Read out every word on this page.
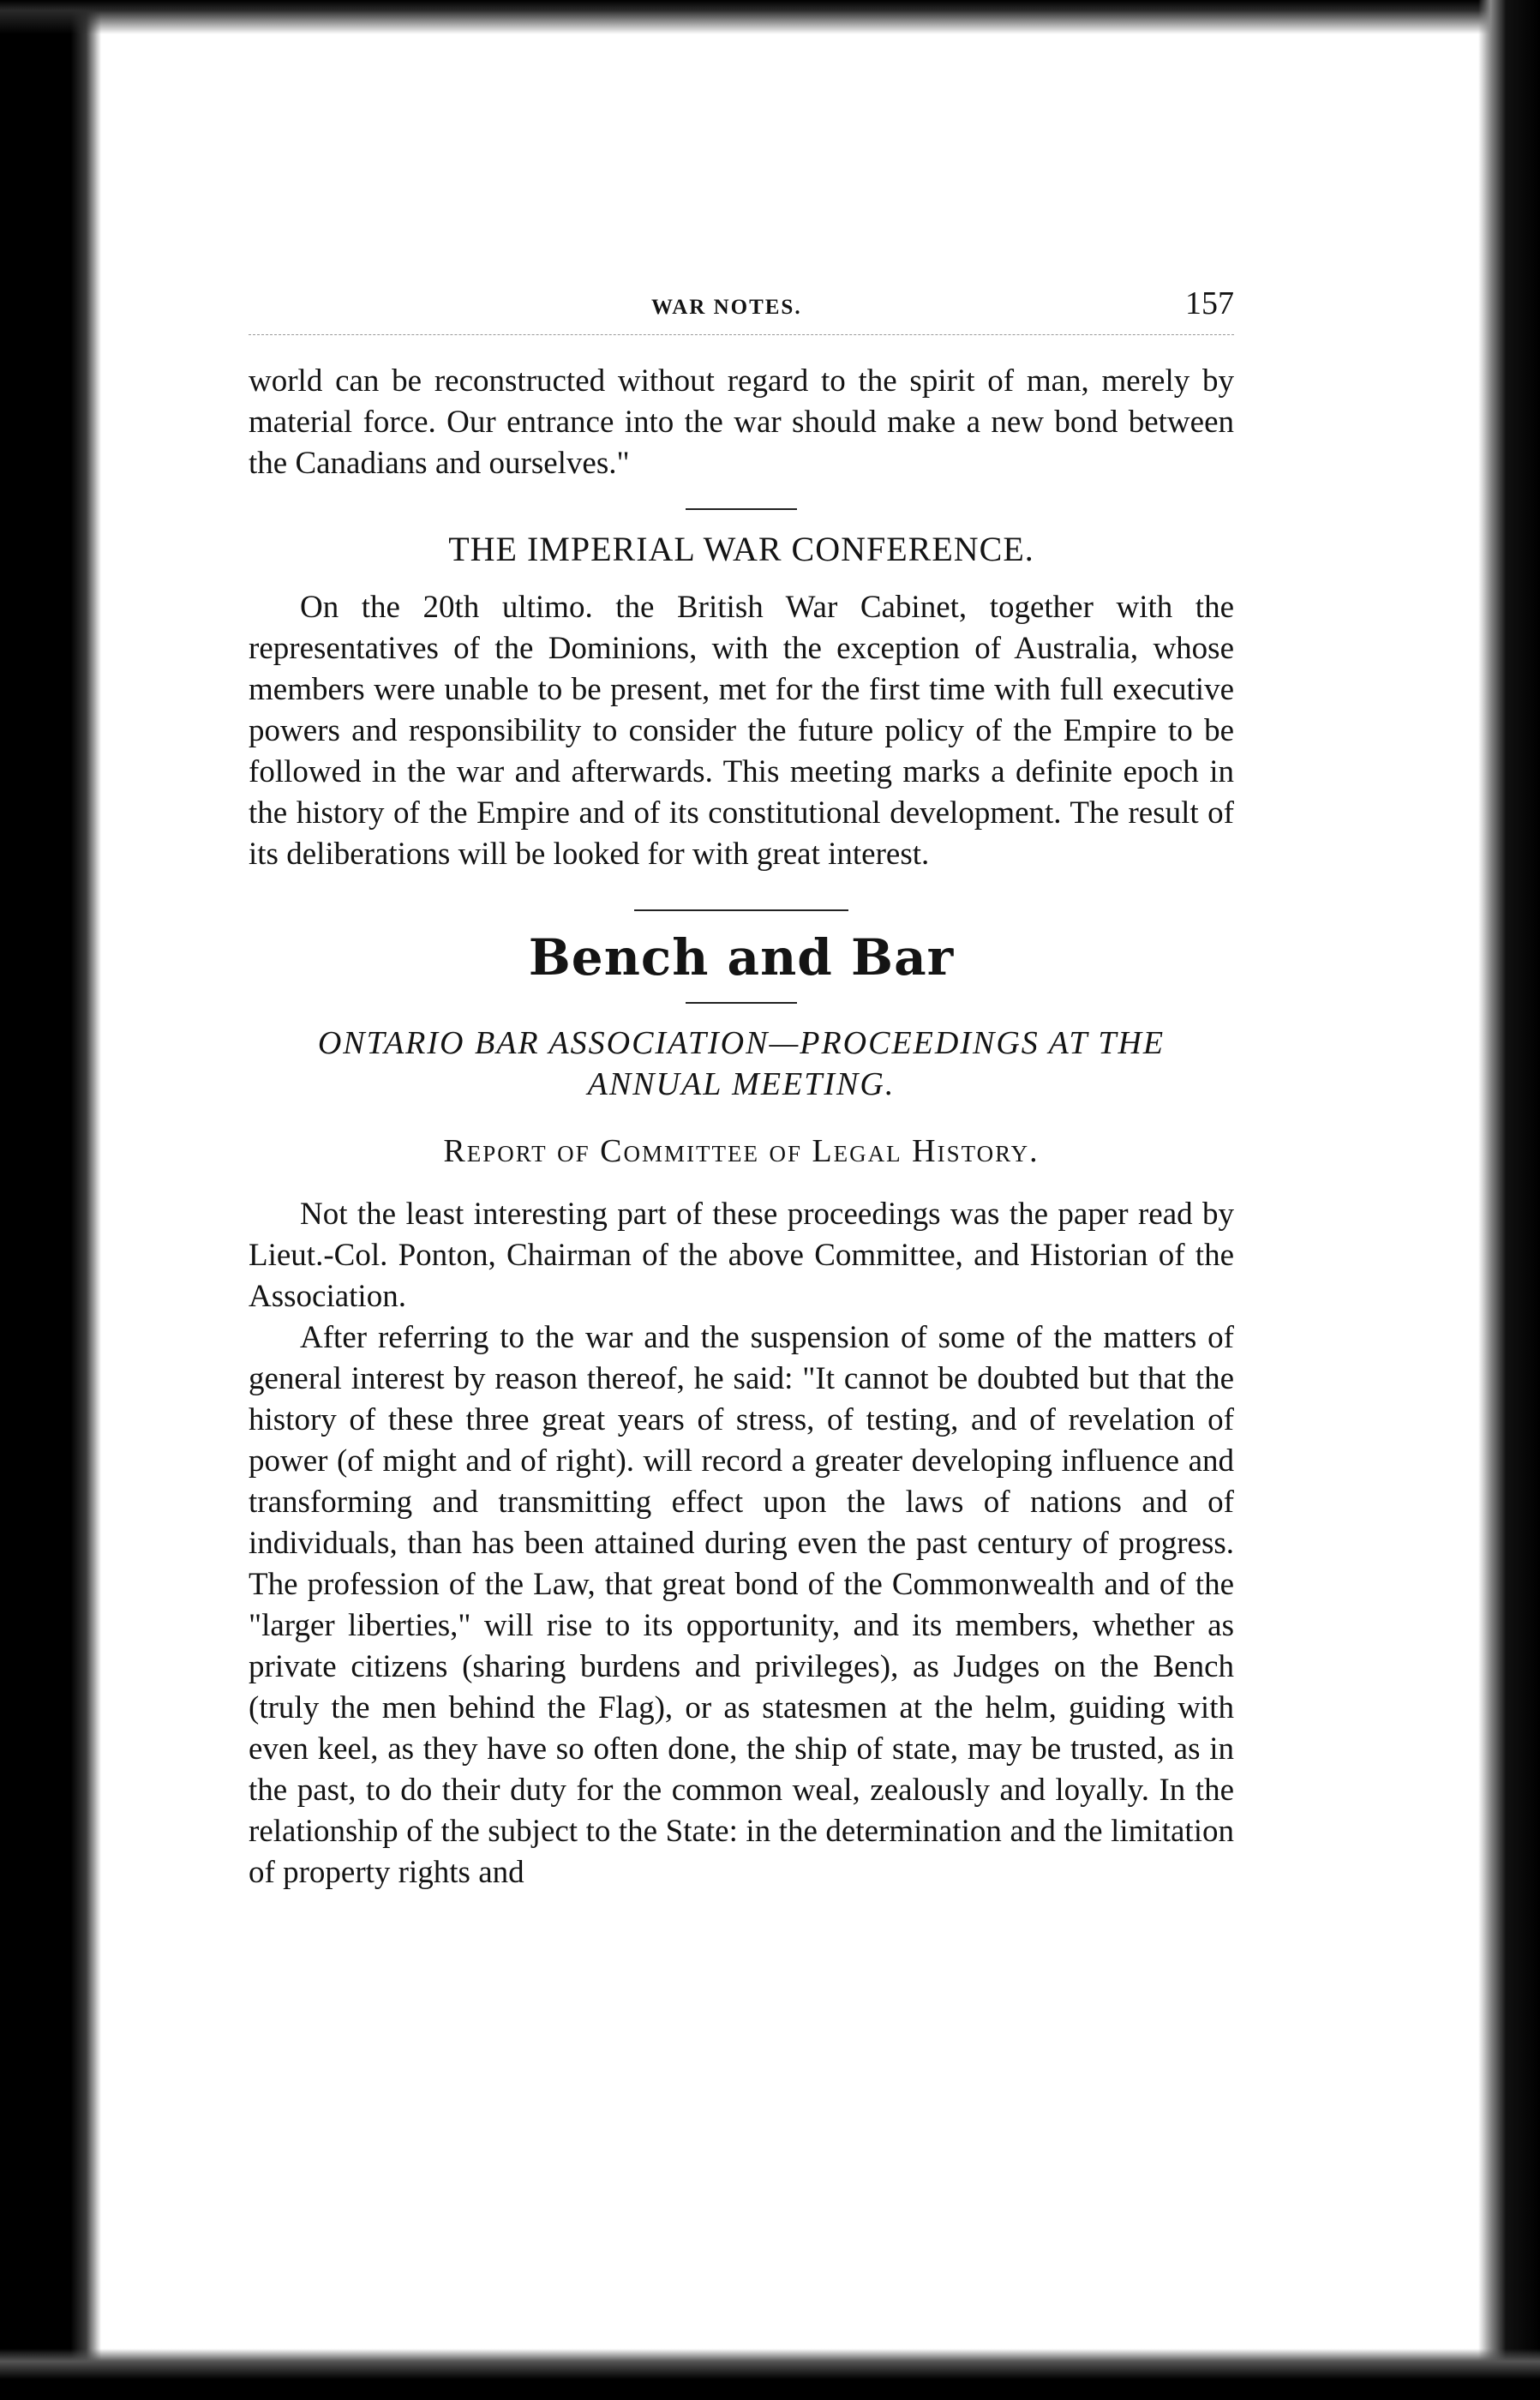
WAR NOTES.	157

world can be reconstructed without regard to the spirit of man, merely by material force. Our entrance into the war should make a new bond between the Canadians and ourselves."

THE IMPERIAL WAR CONFERENCE.

On the 20th ultimo. the British War Cabinet, together with the representatives of the Dominions, with the exception of Australia, whose members were unable to be present, met for the first time with full executive powers and responsibility to consider the future policy of the Empire to be followed in the war and afterwards. This meeting marks a definite epoch in the history of the Empire and of its constitutional development. The result of its deliberations will be looked for with great interest.

Bench and Bar
ONTARIO BAR ASSOCIATION—PROCEEDINGS AT THE ANNUAL MEETING.
Report of Committee of Legal History.

Not the least interesting part of these proceedings was the paper read by Lieut.-Col. Ponton, Chairman of the above Committee, and Historian of the Association.

After referring to the war and the suspension of some of the matters of general interest by reason thereof, he said: "It cannot be doubted but that the history of these three great years of stress, of testing, and of revelation of power (of might and of right). will record a greater developing influence and transforming and transmitting effect upon the laws of nations and of individuals, than has been attained during even the past century of progress. The profession of the Law, that great bond of the Commonwealth and of the "larger liberties," will rise to its opportunity, and its members, whether as private citizens (sharing burdens and privileges), as Judges on the Bench (truly the men behind the Flag), or as statesmen at the helm, guiding with even keel, as they have so often done, the ship of state, may be trusted, as in the past, to do their duty for the common weal, zealously and loyally. In the relationship of the subject to the State: in the determination and the limitation of property rights and
